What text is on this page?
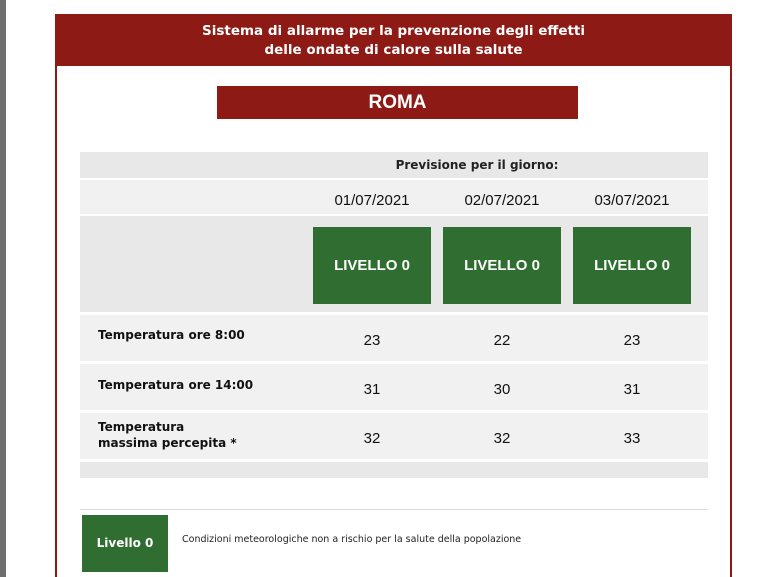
Sistema di allarme per la prevenzione degli effetti
delle ondate di calore sulla salute
ROMA
Previsione per il giorno:
01/07/2021	02/07/2021	03/07/2021
LIVELLO 0	LIVELLO 0	LIVELLO 0
Temperatura ore 8:00	23	22	23
Temperatura ore 14:00	31	30	31
Temperatura massima percepita *	32	32	33
Livello 0	Condizioni meteorologiche non a rischio per la salute della popolazione
